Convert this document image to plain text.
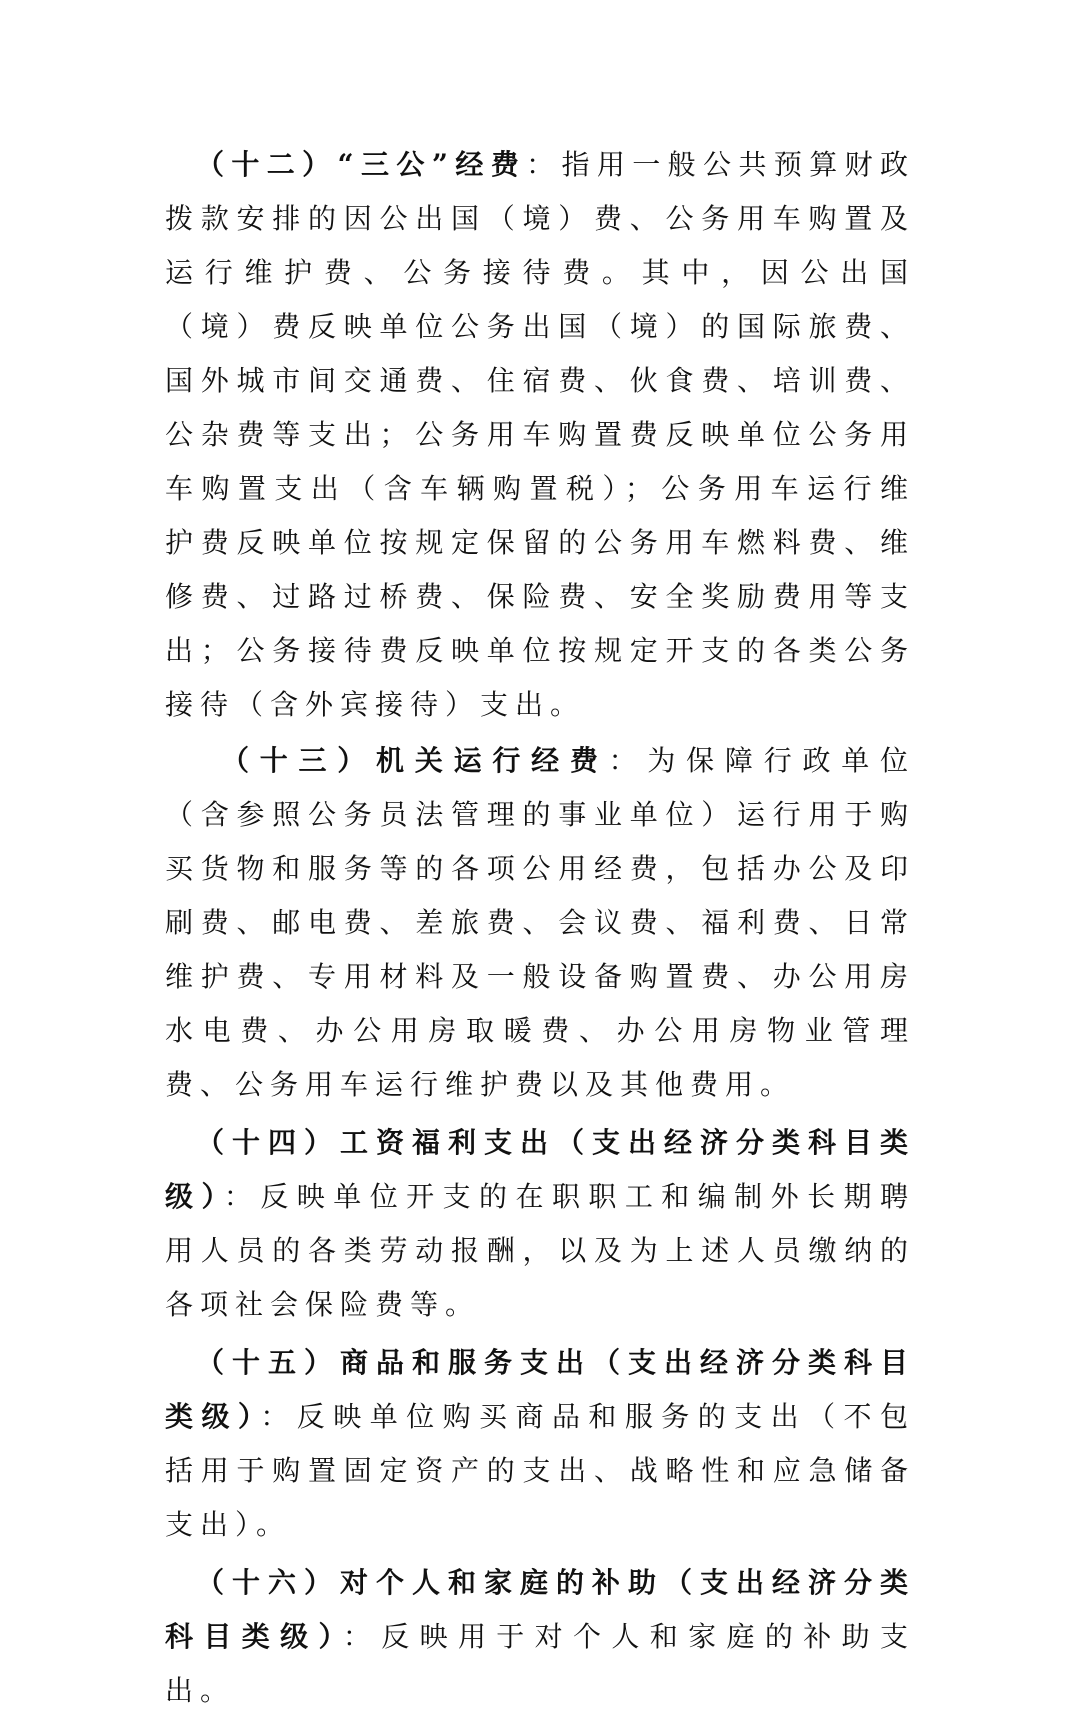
（十二）“三公”经费：指用一般公共预算财政拨款安排的因公出国（境）费、公务用车购置及运行维护费、公务接待费。其中，因公出国（境）费反映单位公务出国（境）的国际旅费、国外城市间交通费、住宿费、伙食费、培训费、公杂费等支出；公务用车购置费反映单位公务用车购置支出（含车辆购置税）；公务用车运行维护费反映单位按规定保留的公务用车燃料费、维修费、过路过桥费、保险费、安全奖励费用等支出；公务接待费反映单位按规定开支的各类公务接待（含外宾接待）支出。

（十三）机关运行经费：为保障行政单位（含参照公务员法管理的事业单位）运行用于购买货物和服务等的各项公用经费，包括办公及印刷费、邮电费、差旅费、会议费、福利费、日常维护费、专用材料及一般设备购置费、办公用房水电费、办公用房取暖费、办公用房物业管理费、公务用车运行维护费以及其他费用。

（十四）工资福利支出（支出经济分类科目类级）：反映单位开支的在职职工和编制外长期聘用人员的各类劳动报酬，以及为上述人员缴纳的各项社会保险费等。

（十五）商品和服务支出（支出经济分类科目类级）：反映单位购买商品和服务的支出（不包括用于购置固定资产的支出、战略性和应急储备支出）。

（十六）对个人和家庭的补助（支出经济分类科目类级）：反映用于对个人和家庭的补助支出。
